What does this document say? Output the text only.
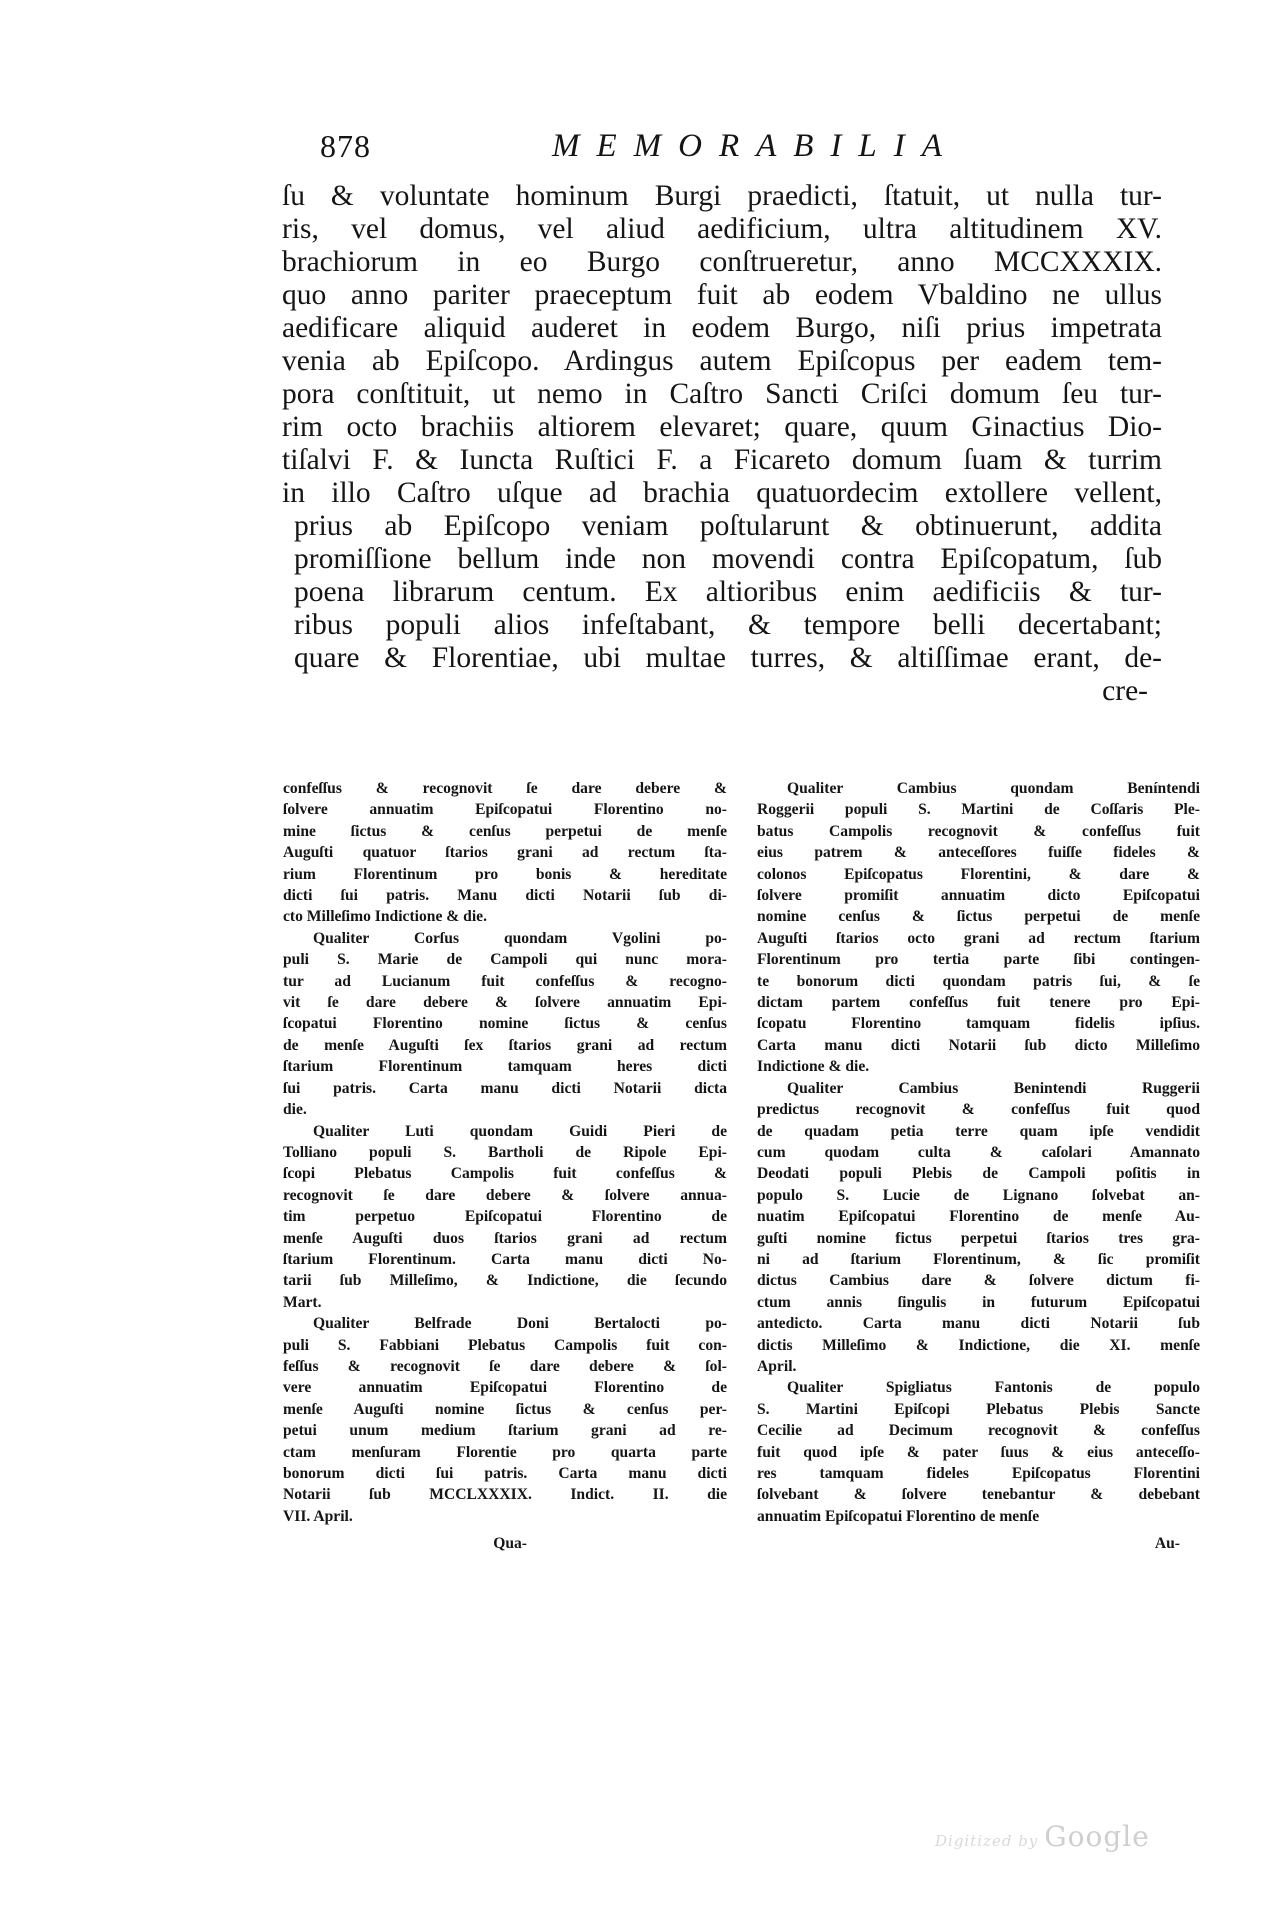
878	MEMORABILIA
ſu & voluntate hominum Burgi praedicti, ſtatuit, ut nulla tur-
ris, vel domus, vel aliud aedificium, ultra altitudinem XV.
brachiorum in eo Burgo conſtrueretur, anno MCCXXXIX.
quo anno pariter praeceptum fuit ab eodem Vbaldino ne ullus
aedificare aliquid auderet in eodem Burgo, niſi prius impetrata
venia ab Epiſcopo. Ardingus autem Epiſcopus per eadem tem-
pora conſtituit, ut nemo in Caſtro Sancti Criſci domum ſeu tur-
rim octo brachiis altiorem elevaret; quare, quum Ginactius Dio-
tiſalvi F. & Iuncta Ruſtici F. a Ficareto domum ſuam & turrim
in illo Caſtro uſque ad brachia quatuordecim extollere vellent,
prius ab Epiſcopo veniam poſtularunt & obtinuerunt, addita
promiſſione bellum inde non movendi contra Epiſcopatum, ſub
poena librarum centum. Ex altioribus enim aedificiis & tur-
ribus populi alios infeſtabant, & tempore belli decertabant;
quare & Florentiae, ubi multae turres, & altiſſimae erant, de-
cre-
confeſſus & recognovit ſe dare debere &
ſolvere annuatim Epiſcopatui Florentino no-
mine ſictus & cenſus perpetui de menſe
Auguſti quatuor ſtarios grani ad rectum ſta-
rium Florentinum pro bonis & hereditate
dicti ſui patris. Manu dicti Notarii ſub di-
cto Milleſimo Indictione & die.
Qualiter Corſus quondam Vgolini po-
puli S. Marie de Campoli qui nunc mora-
tur ad Lucianum fuit confeſſus & recogno-
vit ſe dare debere & ſolvere annuatim Epi-
ſcopatui Florentino nomine ſictus & cenſus
de menſe Auguſti ſex ſtarios grani ad rectum
ſtarium Florentinum tamquam heres dicti
ſui patris. Carta manu dicti Notarii dicta
die.
Qualiter Luti quondam Guidi Pieri de
Tolliano populi S. Bartholi de Ripole Epi-
ſcopi Plebatus Campolis fuit confeſſus &
recognovit ſe dare debere & ſolvere annua-
tim perpetuo Epiſcopatui Florentino de
menſe Auguſti duos ſtarios grani ad rectum
ſtarium Florentinum. Carta manu dicti No-
tarii ſub Milleſimo, & Indictione, die ſecundo
Mart.
Qualiter Belfrade Doni Bertalocti po-
puli S. Fabbiani Plebatus Campolis fuit con-
feſſus & recognovit ſe dare debere & ſol-
vere annuatim Epiſcopatui Florentino de
menſe Auguſti nomine ſictus & cenſus per-
petui unum medium ſtarium grani ad re-
ctam menſuram Florentie pro quarta parte
bonorum dicti ſui patris. Carta manu dicti
Notarii ſub MCCLXXXIX. Indict. II. die
VII. April.
Qua-
Qualiter Cambius quondam Beníntendi
Roggerii populi S. Martini de Coſſaris Ple-
batus Campolis recognovit & confeſſus fuit
eius patrem & anteceſſores fuiſſe fideles &
colonos Epiſcopatus Florentini, & dare &
ſolvere promiſit annuatim dicto Epiſcopatui
nomine cenſus & ſictus perpetui de menſe
Auguſti ſtarios octo grani ad rectum ſtarium
Florentinum pro tertia parte ſibi contingen-
te bonorum dicti quondam patris ſui, & ſe
dictam partem confeſſus fuit tenere pro Epi-
ſcopatu Florentino tamquam fidelis ipſius.
Carta manu dicti Notarii ſub dicto Milleſimo
Indictione & die.
Qualiter Cambius Benintendi Ruggerii
predictus recognovit & confeſſus fuit quod
de quadam petia terre quam ipſe vendidit
cum quodam culta & caſolari Amannato
Deodati populi Plebis de Campoli poſitis in
populo S. Lucie de Lignano ſolvebat an-
nuatim Epiſcopatui Florentino de menſe Au-
guſti nomine fictus perpetui ſtarios tres gra-
ni ad ſtarium Florentinum, & ſic promiſit
dictus Cambius dare & ſolvere dictum fi-
ctum annis ſingulis in futurum Epiſcopatui
antedicto. Carta manu dicti Notarii ſub
dictis Milleſimo & Indictione, die XI. menſe
April.
Qualiter Spigliatus Fantonis de populo
S. Martini Epiſcopi Plebatus Plebis Sancte
Cecilie ad Decimum recognovit & confeſſus
fuit quod ipſe & pater ſuus & eius anteceſſo-
res tamquam fideles Epiſcopatus Florentini
ſolvebant & ſolvere tenebantur & debebant
annuatim Epiſcopatui Florentino de menſe
Au-
Digitized by Google
